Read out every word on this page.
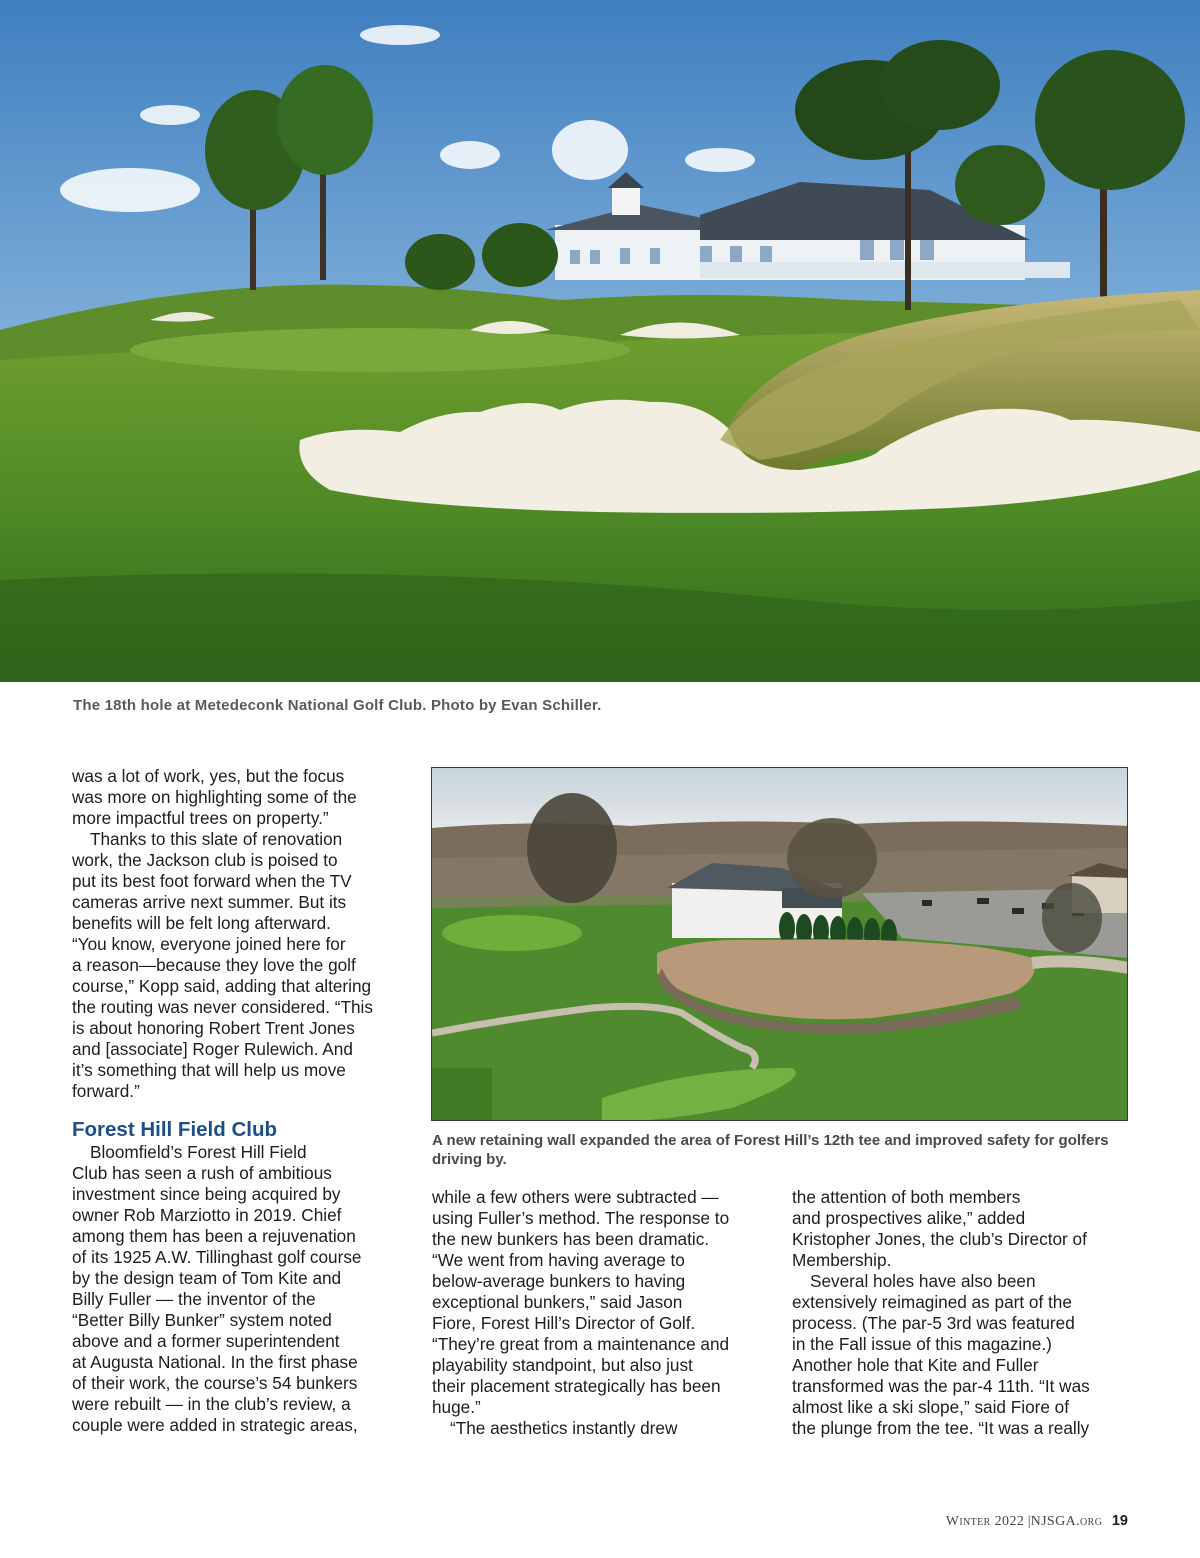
The 18th hole at Metedeconk National Golf Club. Photo by Evan Schiller.
was a lot of work, yes, but the focus
was more on highlighting some of the
more impactful trees on property.”
Thanks to this slate of renovation
work, the Jackson club is poised to
put its best foot forward when the TV
cameras arrive next summer. But its
benefits will be felt long afterward.
“You know, everyone joined here for
a reason—because they love the golf
course,” Kopp said, adding that altering
the routing was never considered. “This
is about honoring Robert Trent Jones
and [associate] Roger Rulewich. And
it’s something that will help us move
forward.”
Forest Hill Field Club
Bloomfield’s Forest Hill Field
Club has seen a rush of ambitious
investment since being acquired by
owner Rob Marziotto in 2019. Chief
among them has been a rejuvenation
of its 1925 A.W. Tillinghast golf course
by the design team of Tom Kite and
Billy Fuller — the inventor of the
“Better Billy Bunker” system noted
above and a former superintendent
at Augusta National. In the first phase
of their work, the course’s 54 bunkers
were rebuilt — in the club’s review, a
couple were added in strategic areas,
A new retaining wall expanded the area of Forest Hill’s 12th tee and improved safety for golfers driving by.
while a few others were subtracted —
using Fuller’s method. The response to
the new bunkers has been dramatic.
“We went from having average to
below-average bunkers to having
exceptional bunkers,” said Jason
Fiore, Forest Hill’s Director of Golf.
“They’re great from a maintenance and
playability standpoint, but also just
their placement strategically has been
huge.”
“The aesthetics instantly drew
the attention of both members
and prospectives alike,” added
Kristopher Jones, the club’s Director of
Membership.
Several holes have also been
extensively reimagined as part of the
process. (The par-5 3rd was featured
in the Fall issue of this magazine.)
Another hole that Kite and Fuller
transformed was the par-4 11th. “It was
almost like a ski slope,” said Fiore of
the plunge from the tee. “It was a really
Winter 2022 |NJSGA.org 19
